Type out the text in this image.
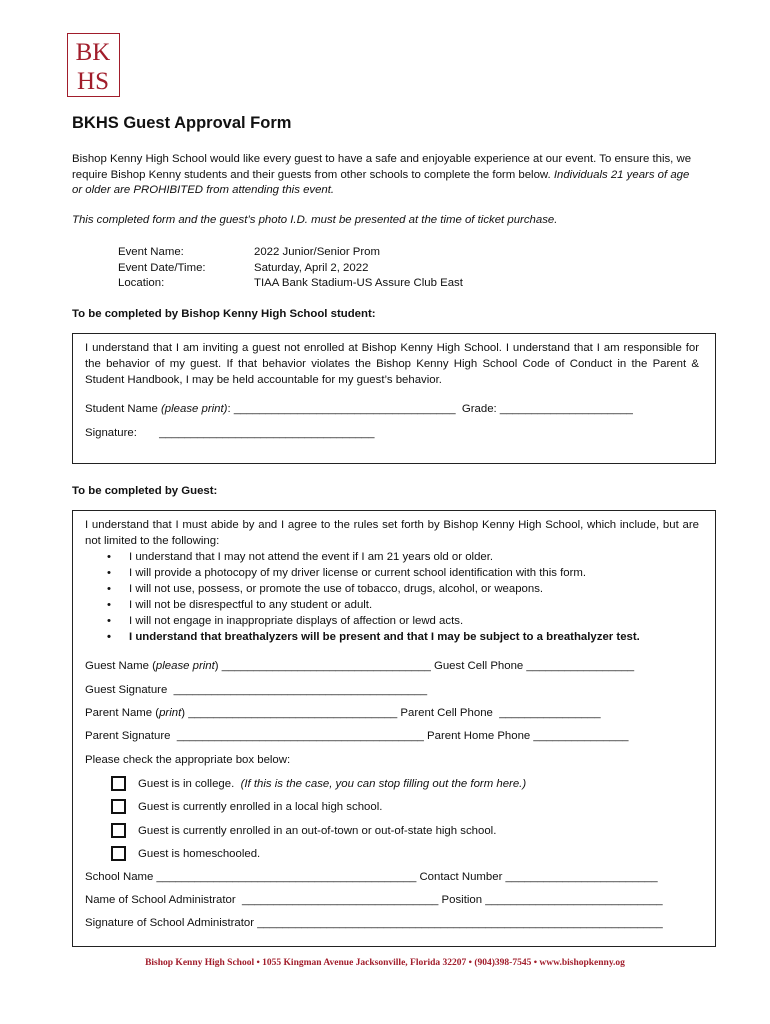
BK
HS
BKHS Guest Approval Form

Bishop Kenny High School would like every guest to have a safe and enjoyable experience at our event. To ensure this, we require Bishop Kenny students and their guests from other schools to complete the form below. Individuals 21 years of age or older are PROHIBITED from attending this event.

This completed form and the guest’s photo I.D. must be presented at the time of ticket purchase.

Event Name:	2022 Junior/Senior Prom
Event Date/Time:	Saturday, April 2, 2022
Location:	TIAA Bank Stadium-US Assure Club East

To be completed by Bishop Kenny High School student:

I understand that I am inviting a guest not enrolled at Bishop Kenny High School. I understand that I am responsible for the behavior of my guest. If that behavior violates the Bishop Kenny High School Code of Conduct in the Parent & Student Handbook, I may be held accountable for my guest’s behavior.

Student Name (please print): ___________________________________  Grade: _____________________
Signature:       __________________________________

To be completed by Guest:

I understand that I must abide by and I agree to the rules set forth by Bishop Kenny High School, which include, but are not limited to the following:

• I understand that I may not attend the event if I am 21 years old or older.
• I will provide a photocopy of my driver license or current school identification with this form.
• I will not use, possess, or promote the use of tobacco, drugs, alcohol, or weapons.
• I will not be disrespectful to any student or adult.
• I will not engage in inappropriate displays of affection or lewd acts.
• I understand that breathalyzers will be present and that I may be subject to a breathalyzer test.
Guest Name (please print) _________________________________ Guest Cell Phone _________________
Guest Signature  ________________________________________
Parent Name (print) _________________________________ Parent Cell Phone  ________________
Parent Signature  _______________________________________ Parent Home Phone _______________
Please check the appropriate box below:
Guest is in college.
(If this is the case, you can stop filling out the form here.)
Guest is currently enrolled in a local high school.
Guest is currently enrolled in an out-of-town or out-of-state high school.
Guest is homeschooled.
School Name _________________________________________ Contact Number ________________________
Name of School Administrator  _______________________________ Position ____________________________
Signature of School Administrator ________________________________________________________________
Bishop Kenny High School • 1055 Kingman Avenue Jacksonville, Florida 32207 • (904)398-7545 • www.bishopkenny.og
